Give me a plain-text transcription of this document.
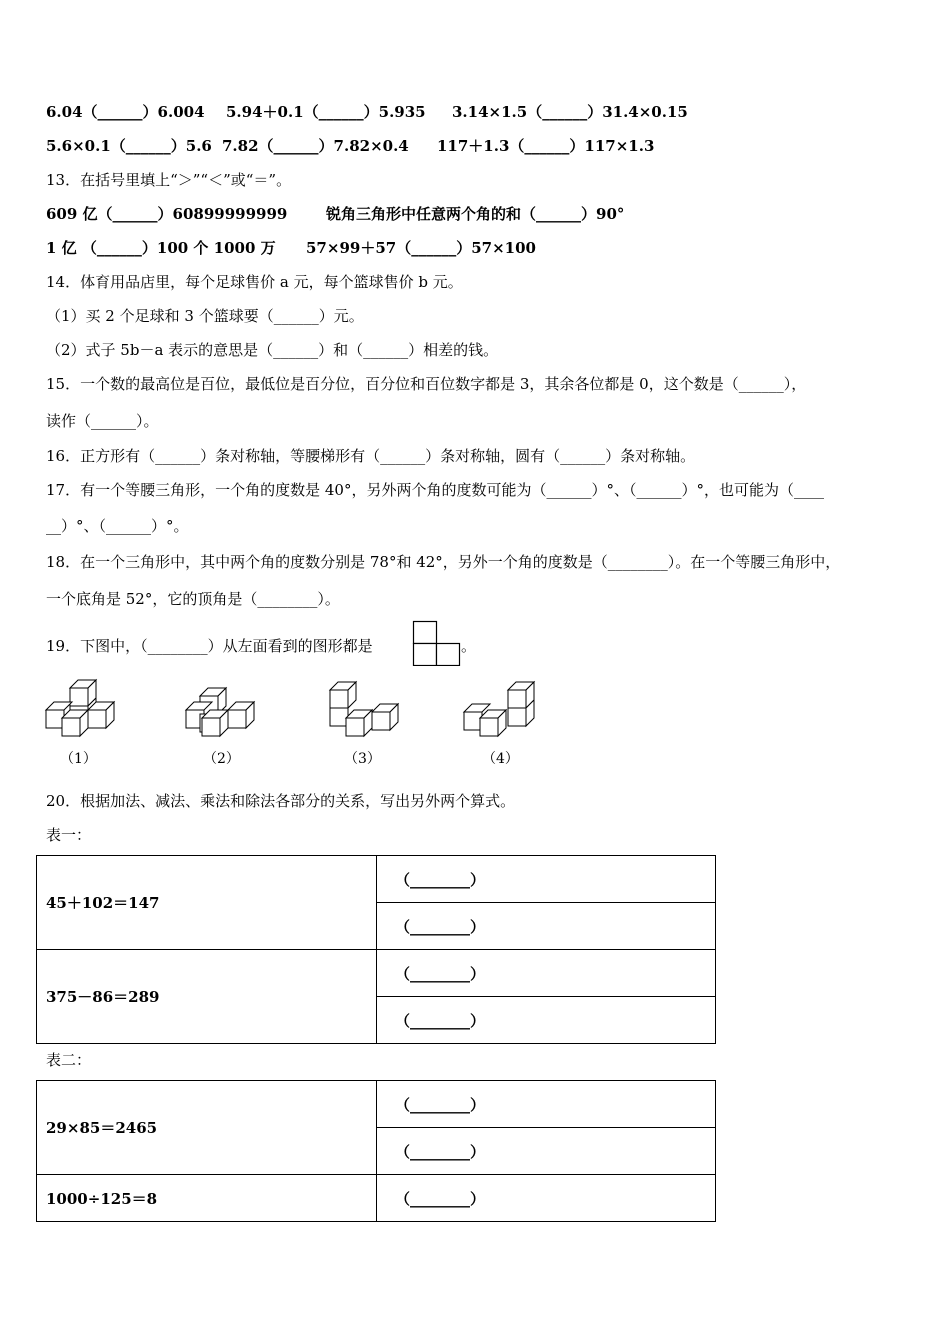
6.04（______）6.004 5.94＋0.1（______）5.935 3.14×1.5（______）31.4×0.15
5.6×0.1（______）5.6 7.82（______）7.82×0.4 117＋1.3（______）117×1.3
13．在括号里填上“＞”“＜”或“＝”。
609 亿（______）60899999999	锐角三角形中任意两个角的和（______）90°
1 亿 （______）100 个 1000 万 57×99＋57（______）57×100
14．体育用品店里，每个足球售价 a 元，每个篮球售价 b 元。
（1）买 2 个足球和 3 个篮球要（______）元。
（2）式子 5b－a 表示的意思是（______）和（______）相差的钱。
15．一个数的最高位是百位，最低位是百分位，百分位和百位数字都是 3，其余各位都是 0，这个数是（______），
读作（______）。
16．正方形有（______）条对称轴，等腰梯形有（______）条对称轴，圆有（______）条对称轴。
17．有一个等腰三角形，一个角的度数是 40°，另外两个角的度数可能为（______）°、（______）°，也可能为（____
__）°、（______）°。
18．在一个三角形中，其中两个角的度数分别是 78°和 42°，另外一个角的度数是（________）。在一个等腰三角形中，
一个底角是 52°，它的顶角是（________）。
19．下图中，（________）从左面看到的图形都是	。
（1）	（2）	（3）	（4）
20．根据加法、减法、乘法和除法各部分的关系，写出另外两个算式。
表一：
45＋102＝147	（________）
	（________）
375－86＝289	（________）
	（________）
表二：
29×85＝2465	（________）
	（________）
1000÷125＝8	（________）
